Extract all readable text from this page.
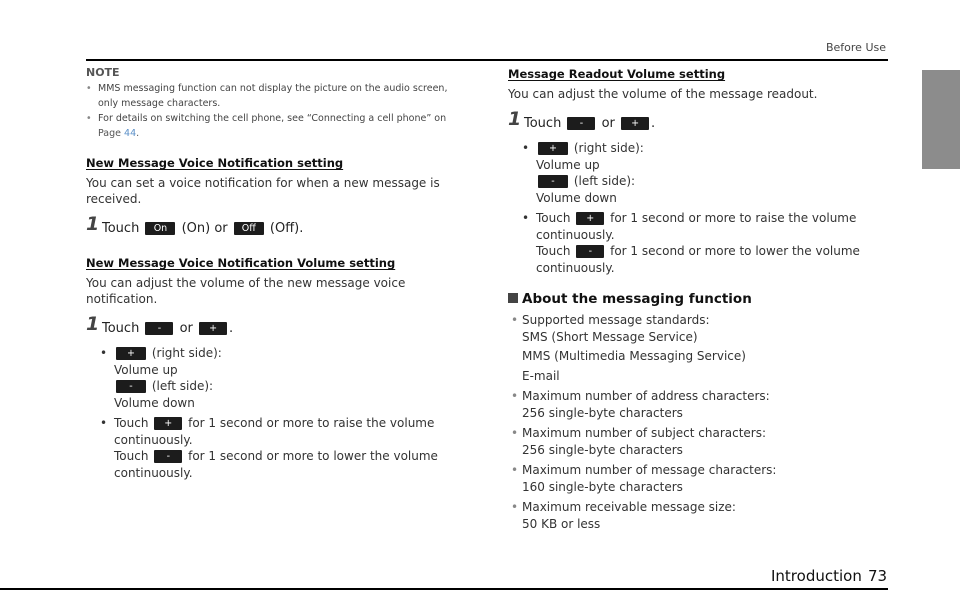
Before Use
NOTE
• MMS messaging function can not display the picture on the audio screen, only message characters.
• For details on switching the cell phone, see “Connecting a cell phone” on
Page 44.
New Message Voice Notification setting

You can set a voice notification for when a new message is received.

1 Touch On (On) or Off (Off).
New Message Voice Notification Volume setting

You can adjust the volume of the new message voice notification.

1 Touch - or + .
•	+ (right side):
Volume up
- (left side):
Volume down
• Touch + for 1 second or more to raise the volume
continuously.
Touch - for 1 second or more to lower the volume
continuously.
Message Readout Volume setting

You can adjust the volume of the message readout.

1 Touch - or + .
•	+ (right side):
Volume up
- (left side):
Volume down
• Touch + for 1 second or more to raise the volume
continuously.
Touch - for 1 second or more to lower the volume
continuously.
About the messaging function
• Supported message standards:
SMS (Short Message Service)
MMS (Multimedia Messaging Service)
E-mail
• Maximum number of address characters:
256 single-byte characters
• Maximum number of subject characters:
256 single-byte characters
• Maximum number of message characters:
160 single-byte characters
• Maximum receivable message size:
50 KB or less
Introduction 73
